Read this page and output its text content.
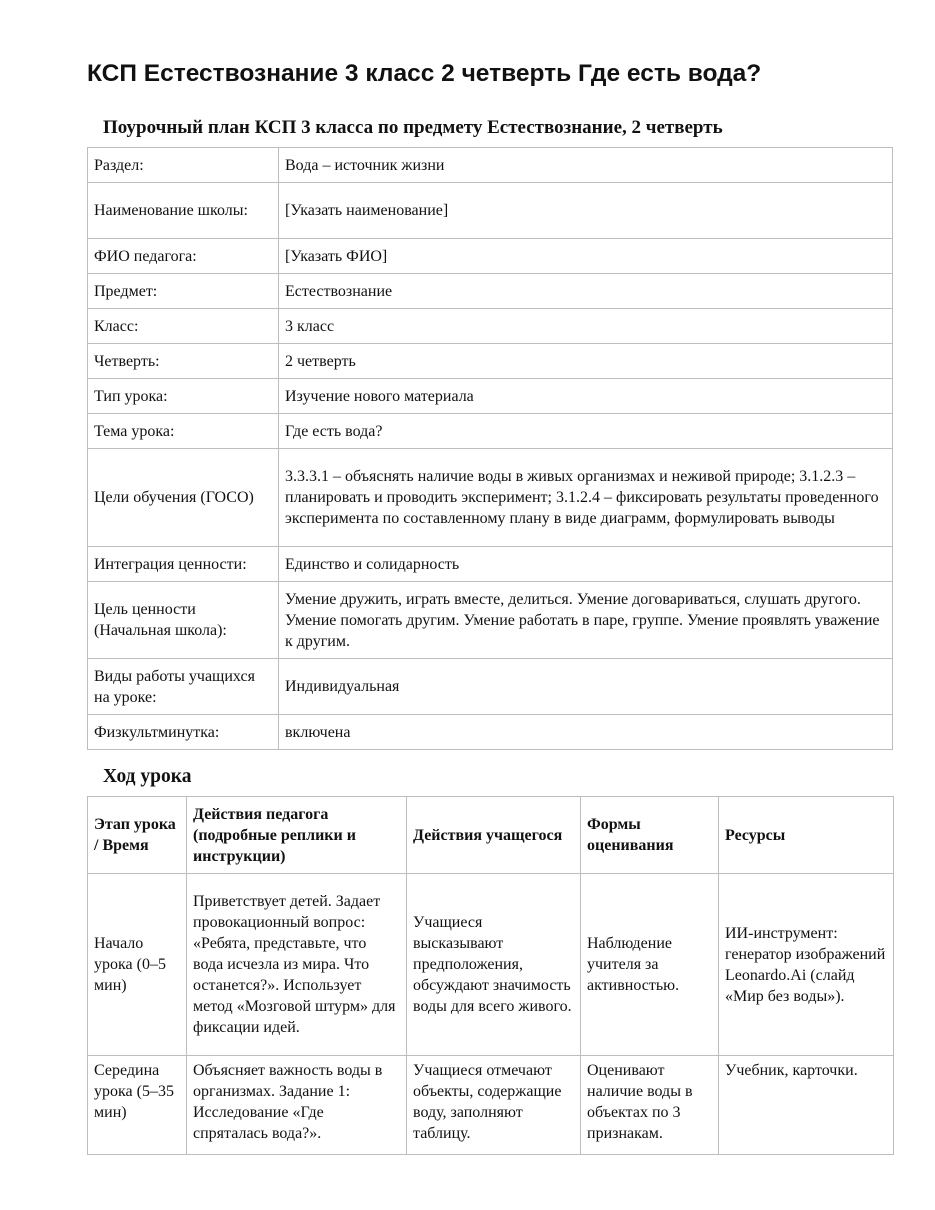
КСП Естествознание 3 класс 2 четверть Где есть вода?
Поурочный план КСП 3 класса по предмету Естествознание, 2 четверть
Раздел:	Вода – источник жизни
Наименование школы:	[Указать наименование]
ФИО педагога:	[Указать ФИО]
Предмет:	Естествознание
Класс:	3 класс
Четверть:	2 четверть
Тип урока:	Изучение нового материала
Тема урока:	Где есть вода?
Цели обучения (ГОСО)	3.3.3.1 – объяснять наличие воды в живых организмах и неживой природе; 3.1.2.3 – планировать и проводить эксперимент; 3.1.2.4 – фиксировать результаты проведенного эксперимента по составленному плану в виде диаграмм, формулировать выводы
Интеграция ценности:	Единство и солидарность
Цель ценности (Начальная школа):	Умение дружить, играть вместе, делиться. Умение договариваться, слушать другого. Умение помогать другим. Умение работать в паре, группе. Умение проявлять уважение к другим.
Виды работы учащихся на уроке:	Индивидуальная
Физкультминутка:	включена
Ход урока
Этап урока / Время	Действия педагога (подробные реплики и инструкции)	Действия учащегося	Формы оценивания	Ресурсы
Начало урока (0–5 мин)	Приветствует детей. Задает провокационный вопрос: «Ребята, представьте, что вода исчезла из мира. Что останется?». Использует метод «Мозговой штурм» для фиксации идей.	Учащиеся высказывают предположения, обсуждают значимость воды для всего живого.	Наблюдение учителя за активностью.	ИИ-инструмент: генератор изображений Leonardo.Ai (слайд «Мир без воды»).
Середина урока (5–35 мин)	Объясняет важность воды в организмах. Задание 1: Исследование «Где спряталась вода?».	Учащиеся отмечают объекты, содержащие воду, заполняют таблицу.	Оценивают наличие воды в объектах по 3 признакам.	Учебник, карточки.
